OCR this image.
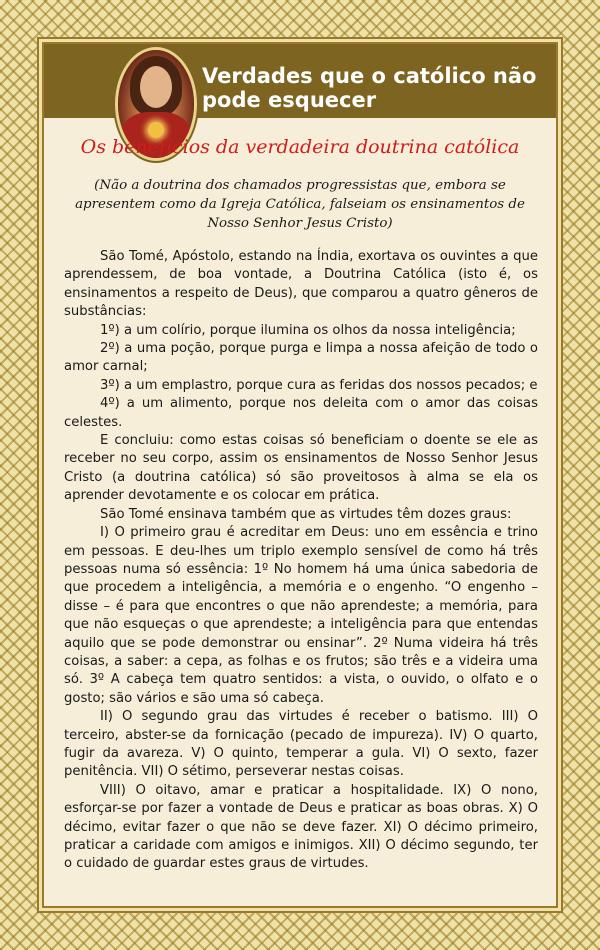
Verdades que o católico não pode esquecer
Os benefícios da verdadeira doutrina católica
(Não a doutrina dos chamados progressistas que, embora se apresentem como da Igreja Católica, falseiam os ensinamentos de Nosso Senhor Jesus Cristo)

São Tomé, Apóstolo, estando na Índia, exortava os ouvintes a que aprendessem, de boa vontade, a Doutrina Católica (isto é, os ensinamentos a respeito de Deus), que comparou a quatro gêneros de substâncias:

1º) a um colírio, porque ilumina os olhos da nossa inteligência;

2º) a uma poção, porque purga e limpa a nossa afeição de todo o amor carnal;

3º) a um emplastro, porque cura as feridas dos nossos pecados; e

4º) a um alimento, porque nos deleita com o amor das coisas celestes.

E concluiu: como estas coisas só beneficiam o doente se ele as receber no seu corpo, assim os ensinamentos de Nosso Senhor Jesus Cristo (a doutrina católica) só são proveitosos à alma se ela os aprender devotamente e os colocar em prática.

São Tomé ensinava também que as virtudes têm dozes graus:

I) O primeiro grau é acreditar em Deus: uno em essência e trino em pessoas. E deu-lhes um triplo exemplo sensível de como há três pessoas numa só essência: 1º No homem há uma única sabedoria de que procedem a inteligência, a memória e o engenho. “O engenho – disse – é para que encontres o que não aprendeste; a memória, para que não esqueças o que aprendeste; a inteligência para que entendas aquilo que se pode demonstrar ou ensinar”. 2º Numa videira há três coisas, a saber: a cepa, as folhas e os frutos; são três e a videira uma só. 3º A cabeça tem quatro sentidos: a vista, o ouvido, o olfato e o gosto; são vários e são uma só cabeça.

II) O segundo grau das virtudes é receber o batismo. III) O terceiro, abster-se da fornicação (pecado de impureza). IV) O quarto, fugir da avareza. V) O quinto, temperar a gula. VI) O sexto, fazer penitência. VII) O sétimo, perseverar nestas coisas.

VIII) O oitavo, amar e praticar a hospitalidade. IX) O nono, esforçar-se por fazer a vontade de Deus e praticar as boas obras. X) O décimo, evitar fazer o que não se deve fazer. XI) O décimo primeiro, praticar a caridade com amigos e inimigos. XII) O décimo segundo, ter o cuidado de guardar estes graus de virtudes.
